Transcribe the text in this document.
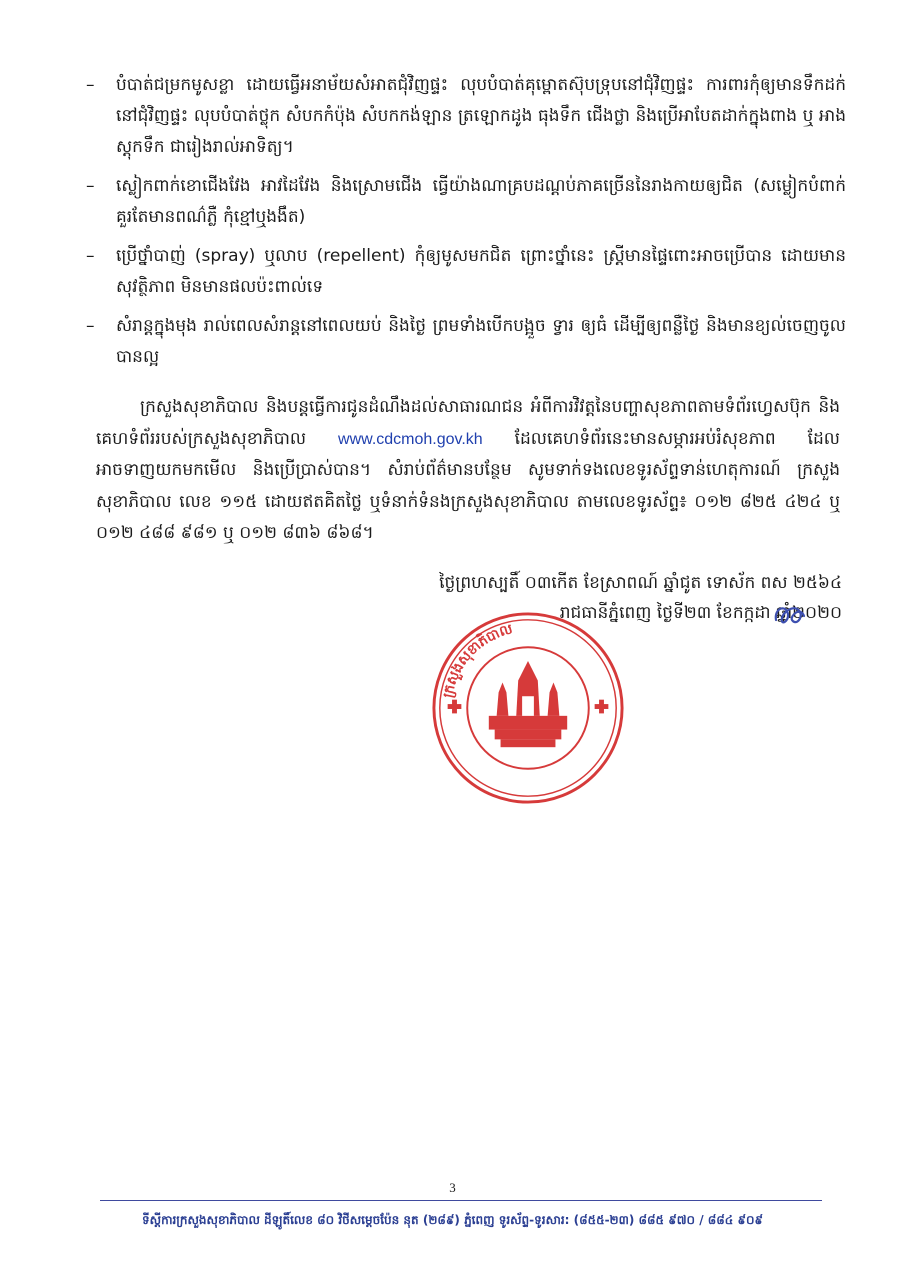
– បំបាត់ជម្រកមូសខ្លា ដោយធ្វើអនាម័យសំអាតជុំវិញផ្ទះ លុបបំបាត់គុម្ពោតស៊ុបទ្រុបនៅជុំវិញផ្ទះ ការពារកុំឲ្យមានទឹកដក់នៅជុំវិញផ្ទះ លុបបំបាត់ថ្លុក សំបកកំប៉ុង សំបកកង់ឡាន ត្រឡោកដូង ធុងទឹក ជើងថ្លា និងប្រើអាបែតដាក់ក្នុងពាង ឬ អាងស្តុកទឹក ជារៀងរាល់អាទិត្យ។
– ស្លៀកពាក់ខោជើងវែង អាវដៃវែង និងស្រោមជើង ធ្វើយ៉ាងណាគ្របដណ្តប់ភាគច្រើននៃរាងកាយឲ្យជិត (សម្លៀកបំពាក់គួរតែមានពណ៌ភ្លឺ កុំខ្មៅឬងងឹត)
– ប្រើថ្នាំបាញ់ (spray) ឬលាប (repellent) កុំឲ្យមូសមកជិត ព្រោះថ្នាំនេះ ស្ត្រីមានផ្ទៃពោះអាចប្រើបាន ដោយមានសុវត្ថិភាព មិនមានផលប៉ះពាល់ទេ
– សំរាន្តក្នុងមុង រាល់ពេលសំរាន្តនៅពេលយប់ និងថ្ងៃ ព្រមទាំងបើកបង្អួច ទ្វារ ឲ្យធំ ដើម្បីឲ្យពន្លឺថ្ងៃ និងមានខ្យល់ចេញចូលបានល្អ
ក្រសួងសុខាភិបាល និងបន្តធ្វើការជូនដំណឹងដល់សាធារណជន អំពីការវិវត្តនៃបញ្ហាសុខភាពតាមទំព័រហ្វេសប៊ុក និងគេហទំព័ររបស់ក្រសួងសុខាភិបាល www.cdcmoh.gov.kh ដែលគេហទំព័រនេះមានសម្ភារអប់រំសុខភាព ដែលអាចទាញយកមកមើល និងប្រើប្រាស់បាន។ សំរាប់ព័ត៌មានបន្ថែម សូមទាក់ទងលេខទូរស័ព្ទទាន់ហេតុការណ៍ ក្រសួងសុខាភិបាល លេខ ១១៥ ដោយឥតគិតថ្លៃ ឬទំនាក់ទំនងក្រសួងសុខាភិបាល តាមលេខទូរស័ព្ទ៖ ០១២ ៨២៥ ៤២៤ ឬ ០១២ ៤៨៨ ៩៨១ ឬ ០១២ ៨៣៦ ៨៦៨។
ថ្ងៃព្រហស្បតិ៍ ០៣កើត ខែស្រាពណ៍ ឆ្នាំជូត ទោស័ក ពស ២៥៦៤
រាជធានីភ្នំពេញ ថ្ងៃទី២៣ ខែកក្កដា ឆ្នាំ២០២០
ក្រសួងសុខាភិបាល
3
ទីស្តីការក្រសួងសុខាភិបាល ដីឡូតិ៍លេខ ៨០ វិថីសម្តេចប៉ែន នុត (២៨៩) ភ្នំពេញ ទូរស័ព្ទ-ទូរសារ: (៨៥៥-២៣) ៨៨៥ ៩៧០ / ៨៨៤ ៩០៩
